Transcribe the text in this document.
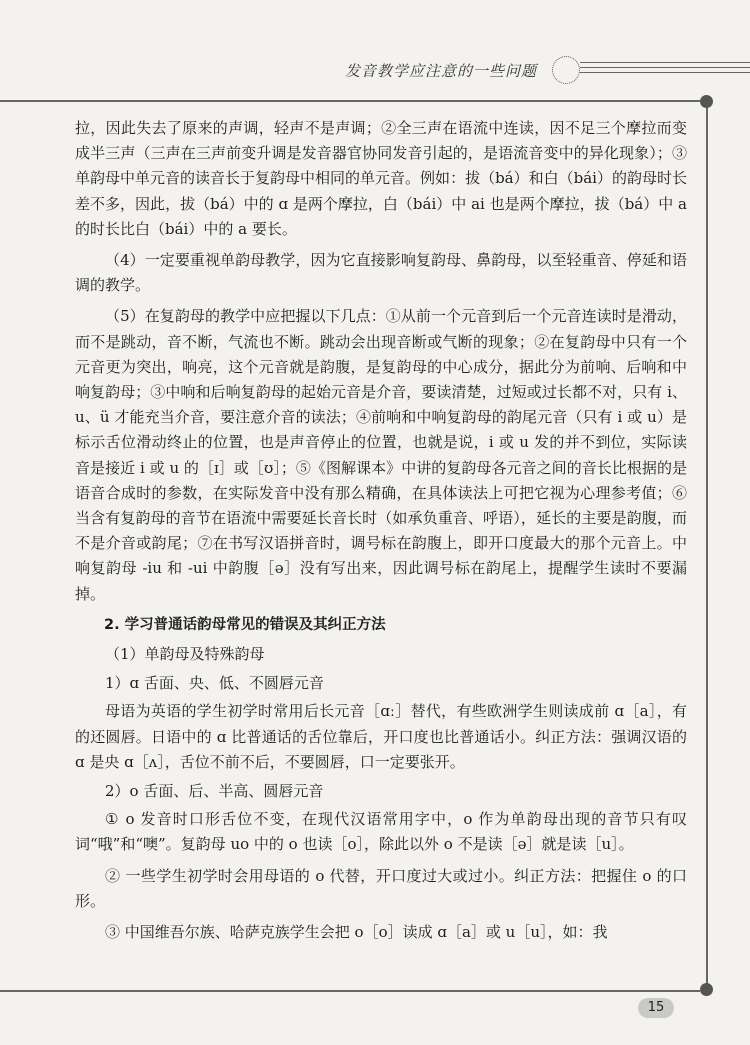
发音教学应注意的一些问题

拉，因此失去了原来的声调，轻声不是声调；②全三声在语流中连读，因不足三个摩拉而变成半三声（三声在三声前变升调是发音器官协同发音引起的，是语流音变中的异化现象）；③单韵母中单元音的读音长于复韵母中相同的单元音。例如：拔（bá）和白（bái）的韵母时长差不多，因此，拔（bá）中的 ɑ 是两个摩拉，白（bái）中 ai 也是两个摩拉，拔（bá）中 a 的时长比白（bái）中的 a 要长。

（4）一定要重视单韵母教学，因为它直接影响复韵母、鼻韵母，以至轻重音、停延和语调的教学。

（5）在复韵母的教学中应把握以下几点：①从前一个元音到后一个元音连读时是滑动，而不是跳动，音不断，气流也不断。跳动会出现音断或气断的现象；②在复韵母中只有一个元音更为突出，响亮，这个元音就是韵腹，是复韵母的中心成分，据此分为前响、后响和中响复韵母；③中响和后响复韵母的起始元音是介音，要读清楚，过短或过长都不对，只有 i、u、ü 才能充当介音，要注意介音的读法；④前响和中响复韵母的韵尾元音（只有 i 或 u）是标示舌位滑动终止的位置，也是声音停止的位置，也就是说，i 或 u 发的并不到位，实际读音是接近 i 或 u 的［ɪ］或［ʊ］；⑤《图解课本》中讲的复韵母各元音之间的音长比根据的是语音合成时的参数，在实际发音中没有那么精确，在具体读法上可把它视为心理参考值；⑥当含有复韵母的音节在语流中需要延长音长时（如承负重音、呼语），延长的主要是韵腹，而不是介音或韵尾；⑦在书写汉语拼音时，调号标在韵腹上，即开口度最大的那个元音上。中响复韵母 -iu 和 -ui 中韵腹［ə］没有写出来，因此调号标在韵尾上，提醒学生读时不要漏掉。

2. 学习普通话韵母常见的错误及其纠正方法

（1）单韵母及特殊韵母

1）ɑ 舌面、央、低、不圆唇元音

母语为英语的学生初学时常用后长元音［ɑː］替代，有些欧洲学生则读成前 ɑ［a］，有的还圆唇。日语中的 ɑ 比普通话的舌位靠后，开口度也比普通话小。纠正方法：强调汉语的 ɑ 是央 ɑ［ʌ］，舌位不前不后，不要圆唇，口一定要张开。

2）o 舌面、后、半高、圆唇元音

① o 发音时口形舌位不变，在现代汉语常用字中，o 作为单韵母出现的音节只有叹词“哦”和“噢”。复韵母 uo 中的 o 也读［o］，除此以外 o 不是读［ə］就是读［u］。

② 一些学生初学时会用母语的 o 代替，开口度过大或过小。纠正方法：把握住 o 的口形。

③ 中国维吾尔族、哈萨克族学生会把 o［o］读成 ɑ［a］或 u［u］，如：我

15
